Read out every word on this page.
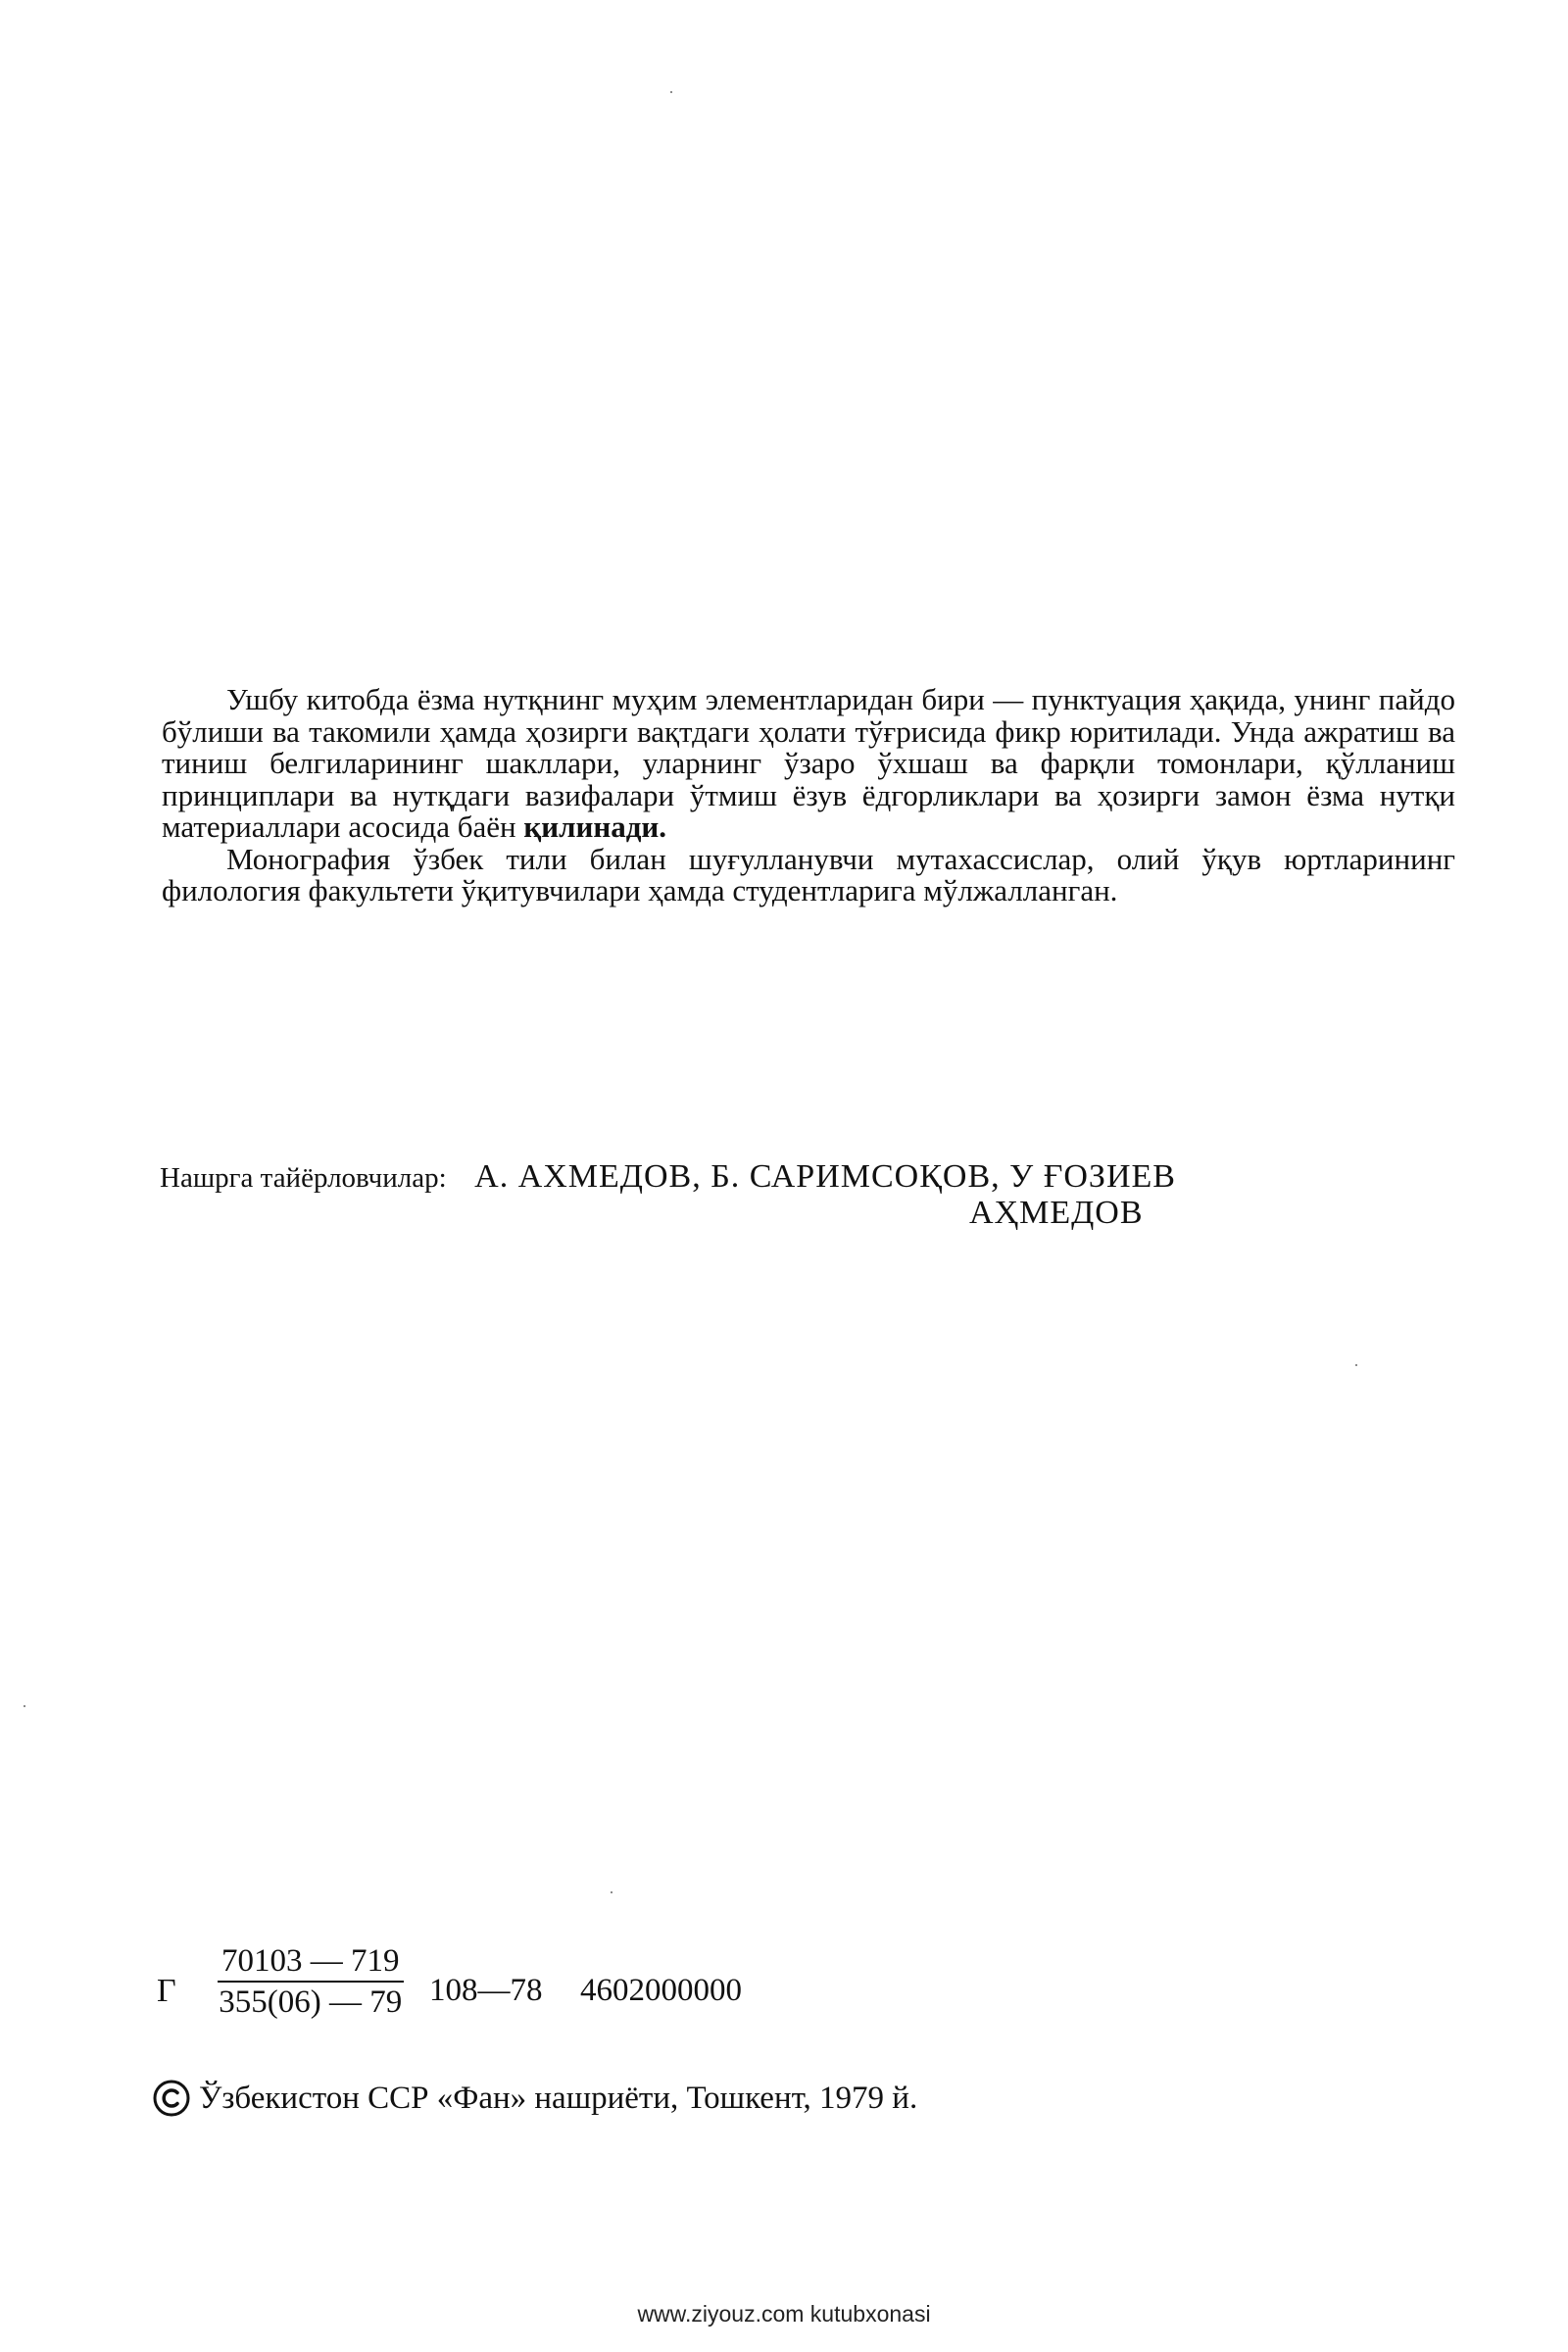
Ушбу китобда ёзма нутқнинг муҳим элементларидан бири — пунктуация ҳақида, унинг пайдо бўлиши ва такомили ҳамда ҳозирги вақтдаги ҳолати тўғрисида фикр юритилади. Унда ажратиш ва тиниш белгиларининг шакллари, уларнинг ўзаро ўхшаш ва фарқли томонлари, қўлланиш принциплари ва нутқдаги вазифалари ўтмиш ёзув ёдгорликлари ва ҳозирги замон ёзма нутқи материаллари асосида баён қилинади.

Монография ўзбек тили билан шуғулланувчи мутахассислар, олий ўқув юртларининг филология факультети ўқитувчилари ҳамда студентларига мўлжалланган.

Нашрга тайёрловчилар: А. АХМЕДОВ, Б. САРИМСОҚОВ, У ҒОЗИЕВ
АҲМЕДОВ
Г $\frac{70103 — 719}{355(06) — 79}$ 108—78 4602000000
Ўзбекистон ССР «Фан» нашриёти, Тошкент, 1979 й.
www.ziyouz.com kutubxonasi
